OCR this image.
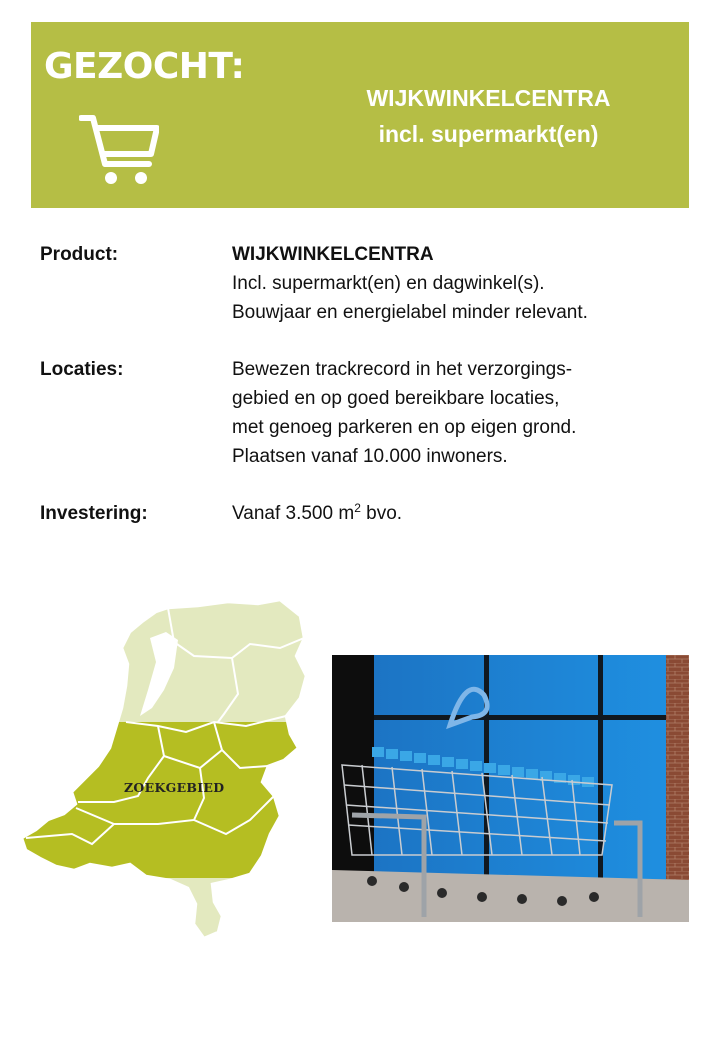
GEZOCHT:
WIJKWINKELCENTRA
incl. supermarkt(en)
Product:	WIJKWINKELCENTRA
Incl. supermarkt(en) en dagwinkel(s).
Bouwjaar en energielabel minder relevant.
Locaties:	Bewezen trackrecord in het verzorgings-
gebied en op goed bereikbare locaties,
met genoeg parkeren en op eigen grond.
Plaatsen vanaf 10.000 inwoners.
Investering:	Vanaf 3.500 $m^2$ bvo.
ZOEKGEBIED
